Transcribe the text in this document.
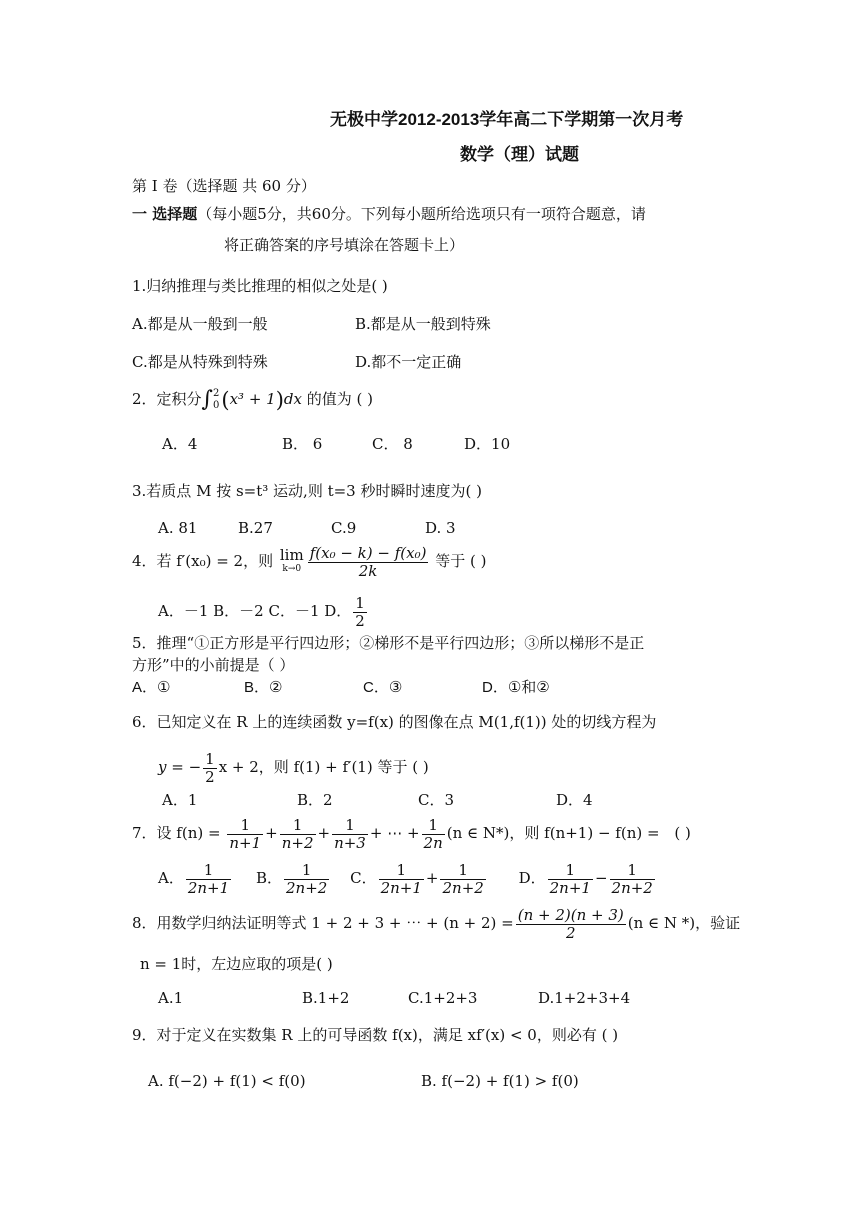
无极中学2012-2013学年高二下学期第一次月考
数学（理）试题
第 I 卷（选择题 共 60 分）
一 选择题（每小题5分，共60分。下列每小题所给选项只有一项符合题意，请
将正确答案的序号填涂在答题卡上）
1.归纳推理与类比推理的相似之处是( )
A.都是从一般到一般	B.都是从一般到特殊
C.都是从特殊到特殊	D.都不一定正确
2．定积分∫ 2
0 (x³ + 1)dx 的值为 ( )
A．4	B． 6	C． 8	D．10
3.若质点 M 按 s=t³ 运动,则 t=3 秒时瞬时速度为( )
A. 81	B.27	C.9	D. 3
4．若 f′(x₀) = 2，则 lim
$k\to 0 \frac{\text{f(x₀ − k) − f(x₀)}}{2k}$ 等于 ( )
A．－1 B．－2 C．－1 D． $\frac{1}{2}$
5．推理“①正方形是平行四边形；②梯形不是平行四边形；③所以梯形不是正
方形”中的小前提是（ ）
A．①	B．②	C．③	D．①和②
6．已知定义在 R 上的连续函数 y=f(x) 的图像在点 M(1,f(1)) 处的切线方程为
y = − $\frac{1}{2}$ x + 2，则 f(1) + f′(1) 等于 ( )
A．1	B．2	C．3	D．4
7．设 $f(n) = \frac{1}{n+1} + \frac{1}{n+2} + \frac{1}{n+3}$ + ⋯ + $\frac{1}{2n} (n$ ∈ N*)，则 f(n+1) − f(n) = ( )
A． $\frac{1}{2n+1}$ B． $\frac{1}{2n+2}$ C． $\frac{1}{2n+1} + \frac{1}{2n+2}$ D． $\frac{1}{2n+1} - \frac{1}{2n+2}$
8．用数学归纳法证明等式 1 + 2 + 3 + ⋯ + $(n + 2) = \frac{(n + 2)(n + 3)}{2} (n$ ∈ N *)，验证
n = 1时，左边应取的项是( )
A.1	B.1+2	C.1+2+3	D.1+2+3+4
9．对于定义在实数集 R 上的可导函数 f(x)，满足 xf′(x) < 0，则必有 ( )
A. f(−2) + f(1) < f(0)	B. f(−2) + f(1) > f(0)
